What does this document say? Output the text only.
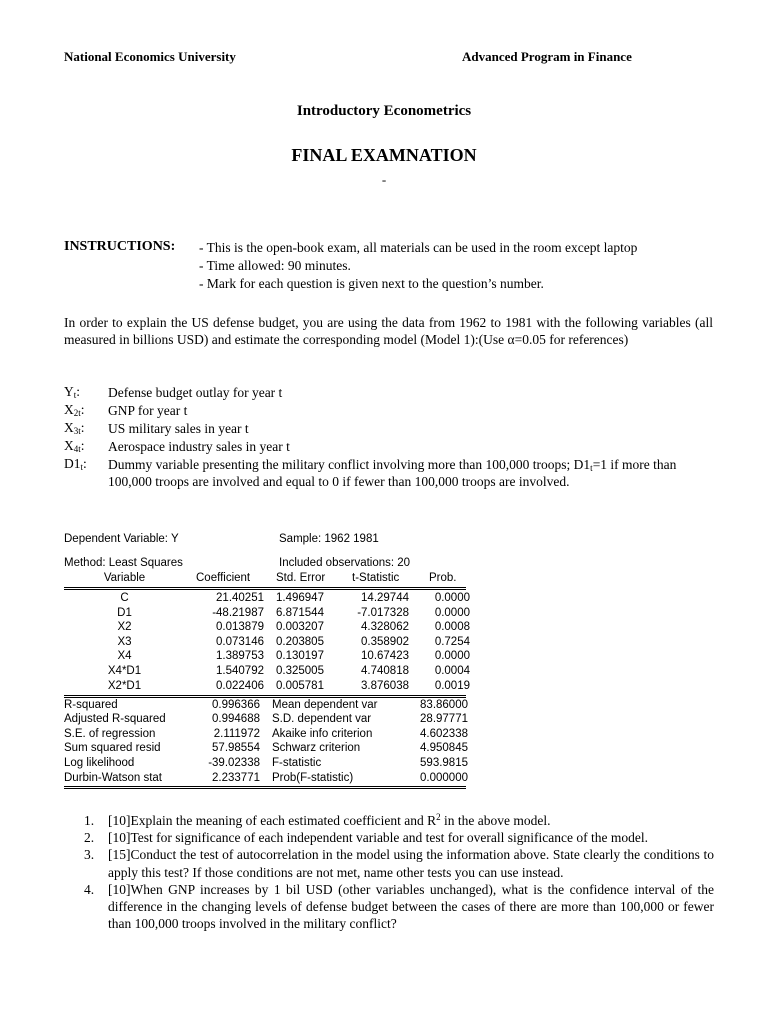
National Economics University	Advanced Program in Finance
Introductory Econometrics
FINAL EXAMNATION
-
INSTRUCTIONS: - This is the open-book exam, all materials can be used in the room except laptop
- Time allowed: 90 minutes.
- Mark for each question is given next to the question’s number.
In order to explain the US defense budget, you are using the data from 1962 to 1981 with the following variables (all measured in billions USD) and estimate the corresponding model (Model 1):(Use α=0.05 for references)
$Y_t$: Defense budget outlay for year t
$X_{2t}$: GNP for year t
$X_{3t}$: US military sales in year t
$X_{4t}$: Aerospace industry sales in year t
$D1_t$: Dummy variable presenting the military conflict involving more than 100,000 troops; $D1_t=1$ if more than 100,000 troops are involved and equal to 0 if fewer than 100,000 troops are involved.
Dependent Variable: Y	Sample: 1962 1981
Method: Least Squares	Included observations: 20
Variable	Coefficient Std. Error t-Statistic	Prob.
C	21.40251 1.496947	14.29744	0.0000
D1	-48.21987 6.871544	-7.017328	0.0000
X2	0.013879 0.003207	4.328062	0.0008
X3	0.073146 0.203805	0.358902	0.7254
X4	1.389753 0.130197	10.67423	0.0000
X4*D1	1.540792 0.325005	4.740818	0.0004
X2*D1	0.022406 0.005781	3.876038	0.0019
R-squared	0.996366 Mean dependent var	83.86000
Adjusted R-squared	0.994688 S.D. dependent var	28.97771
S.E. of regression	2.111972 Akaike info criterion	4.602338
Sum squared resid	57.98554 Schwarz criterion	4.950845
Log likelihood	-39.02338 F-statistic	593.9815
Durbin-Watson stat	2.233771 Prob(F-statistic)	0.000000
1. [10]Explain the meaning of each estimated coefficient and $R^2$ in the above model.
2. [10]Test for significance of each independent variable and test for overall significance of the model.
3. [15]Conduct the test of autocorrelation in the model using the information above. State clearly the conditions to apply this test? If those conditions are not met, name other tests you can use instead.
4. [10]When GNP increases by 1 bil USD (other variables unchanged), what is the confidence interval of the difference in the changing levels of defense budget between the cases of there are more than 100,000 or fewer than 100,000 troops involved in the military conflict?
